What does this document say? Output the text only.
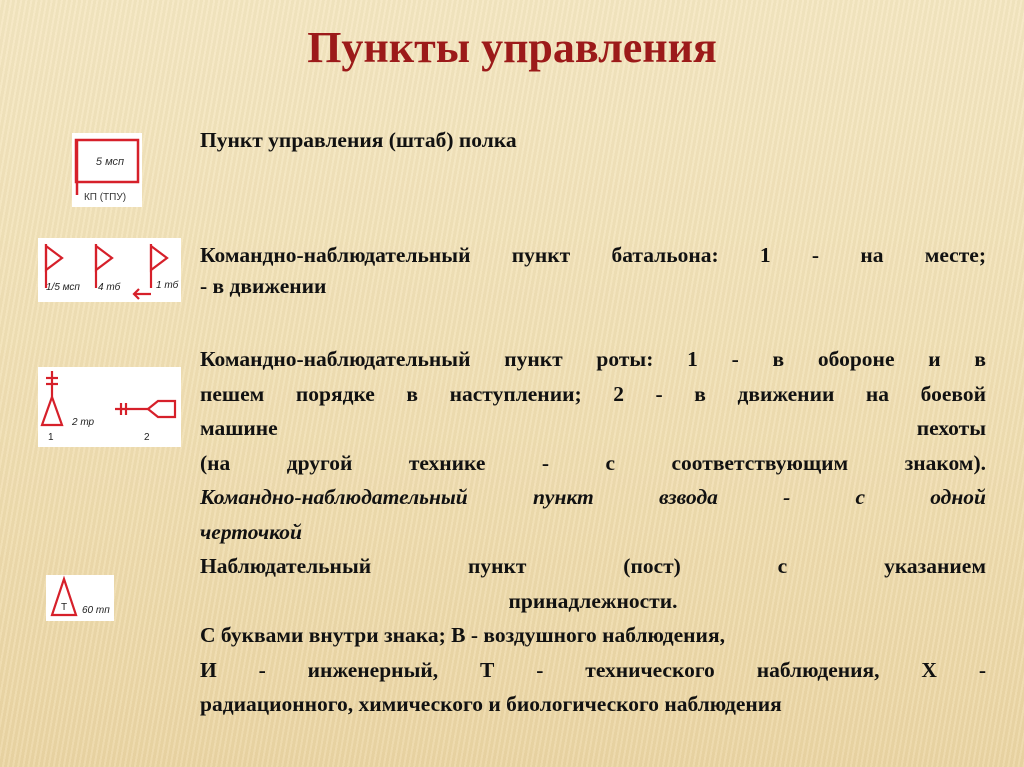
Пункты управления
5 мсп
КП (ТПУ)
1/5 мсп 4 тб	1 тб
1
2 тр
2
Т 60 тп
Пункт управления (штаб) полка
Командно-наблюдательный пункт батальона: 1 - на месте;
- в движении
Командно-наблюдательный пункт роты: 1 - в обороне и в
пешем порядке в наступлении; 2 - в движении на боевой
машине пехоты
(на другой технике - с соответствующим знаком).
Командно-наблюдательный пункт взвода - с одной
черточкой
Наблюдательный пункт (пост) с указанием
принадлежности.
С буквами внутри знака; В - воздушного наблюдения,
И - инженерный, Т - технического наблюдения, Х -
радиационного, химического и биологического наблюдения
